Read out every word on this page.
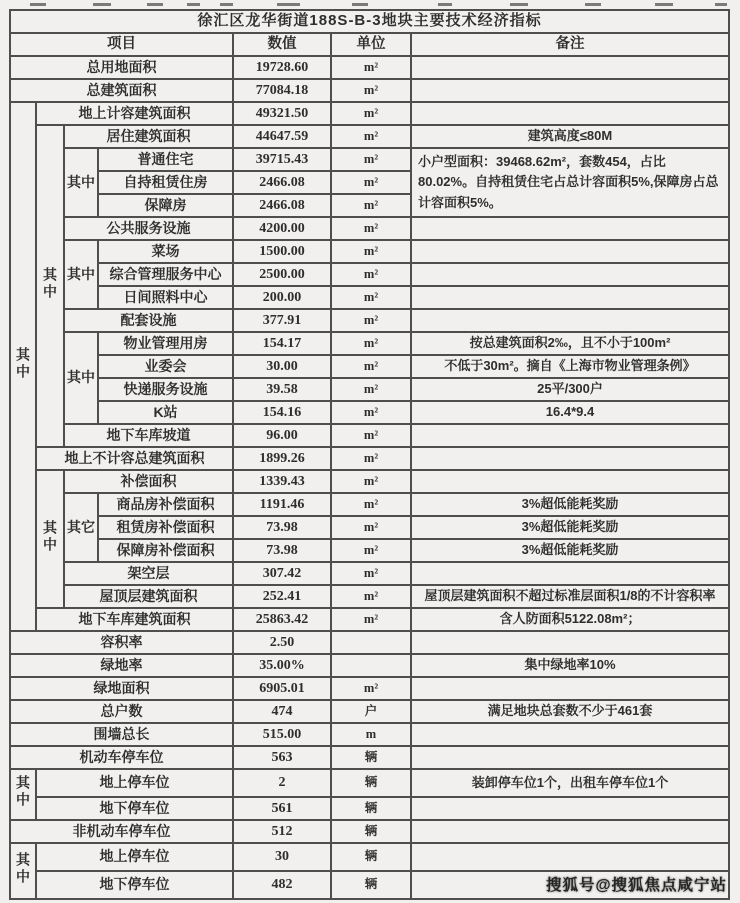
徐汇区龙华街道188S-B-3地块主要技术经济指标						
项目				数值	单位	备注
总用地面积				19728.60	m²	
总建筑面积				77084.18	m²	
其中	地上计容建筑面积			49321.50	m²	
	其中	居住建筑面积		44647.59	m²	建筑高度≤80M
		其中	普通住宅	39715.43	m²	小户型面积：39468.62m²，套数454，占比80.02%。自持租赁住宅占总计容面积5%,保障房占总计容面积5%。
			自持租赁住房	2466.08	m²	
			保障房	2466.08	m²	
		公共服务设施		4200.00	m²	
		其中	菜场	1500.00	m²	
			综合管理服务中心	2500.00	m²	
			日间照料中心	200.00	m²	
		配套设施		377.91	m²	
		其中	物业管理用房	154.17	m²	按总建筑面积2‰，且不小于100m²
			业委会	30.00	m²	不低于30m²。摘自《上海市物业管理条例》
			快递服务设施	39.58	m²	25平/300户
			K站	154.16	m²	16.4*9.4
		地下车库坡道		96.00	m²	
	地上不计容总建筑面积			1899.26	m²	
	其中	补偿面积		1339.43	m²	
		其它	商品房补偿面积	1191.46	m²	3%超低能耗奖励
			租赁房补偿面积	73.98	m²	3%超低能耗奖励
			保障房补偿面积	73.98	m²	3%超低能耗奖励
		架空层		307.42	m²	
		屋顶层建筑面积		252.41	m²	屋顶层建筑面积不超过标准层面积1/8的不计容积率
	地下车库建筑面积			25863.42	m²	含人防面积5122.08m²；
容积率				2.50		
绿地率				35.00%		集中绿地率10%
绿地面积				6905.01	m²	
总户数				474	户	满足地块总套数不少于461套
围墙总长				515.00	m	
机动车停车位				563	辆	
其中	地上停车位			2	辆	装卸停车位1个，出租车停车位1个
	地下停车位			561	辆	
非机动车停车位				512	辆	
其中	地上停车位			30	辆	
	地下停车位			482	辆		搜狐号@搜狐焦点咸宁站
